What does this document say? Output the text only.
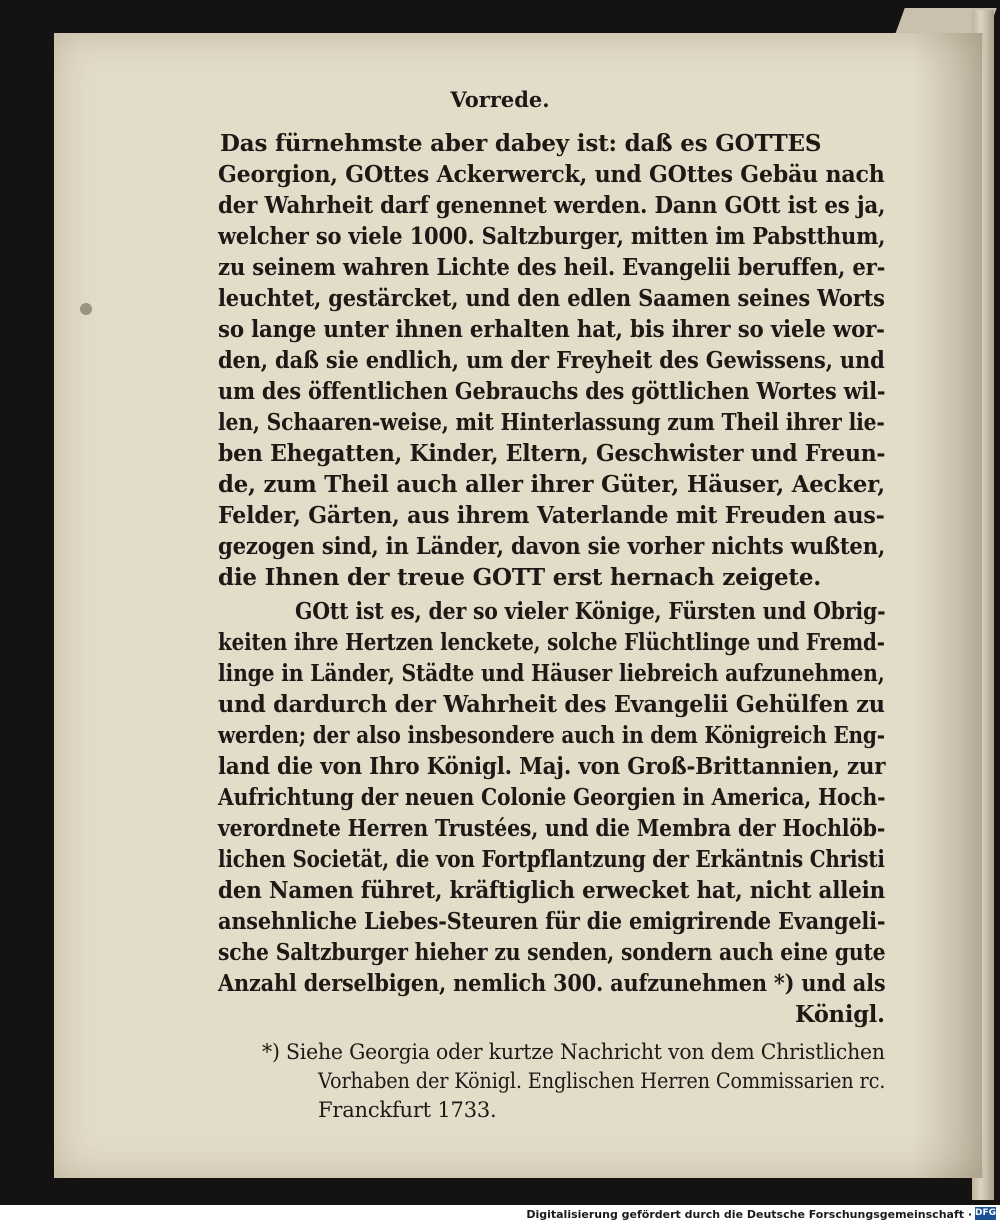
Vorrede.
Das fürnehmste aber dabey ist: daß es GOTTES
Georgion, GOttes Ackerwerck, und GOttes Gebäu nach
der Wahrheit darf genennet werden. Dann GOtt ist es ja,
welcher so viele 1000. Saltzburger, mitten im Pabstthum,
zu seinem wahren Lichte des heil. Evangelii beruffen, er-
leuchtet, gestärcket, und den edlen Saamen seines Worts
so lange unter ihnen erhalten hat, bis ihrer so viele wor-
den, daß sie endlich, um der Freyheit des Gewissens, und
um des öffentlichen Gebrauchs des göttlichen Wortes wil-
len, Schaaren-weise, mit Hinterlassung zum Theil ihrer lie-
ben Ehegatten, Kinder, Eltern, Geschwister und Freun-
de, zum Theil auch aller ihrer Güter, Häuser, Aecker,
Felder, Gärten, aus ihrem Vaterlande mit Freuden aus-
gezogen sind, in Länder, davon sie vorher nichts wußten,
die Ihnen der treue GOTT erst hernach zeigete.
GOtt ist es, der so vieler Könige, Fürsten und Obrig-
keiten ihre Hertzen lenckete, solche Flüchtlinge und Fremd-
linge in Länder, Städte und Häuser liebreich aufzunehmen,
und dardurch der Wahrheit des Evangelii Gehülfen zu
werden; der also insbesondere auch in dem Königreich Eng-
land die von Ihro Königl. Maj. von Groß-Brittannien, zur
Aufrichtung der neuen Colonie Georgien in America, Hoch-
verordnete Herren Trustées, und die Membra der Hochlöb-
lichen Societät, die von Fortpflantzung der Erkäntnis Christi
den Namen führet, kräftiglich erwecket hat, nicht allein
ansehnliche Liebes-Steuren für die emigrirende Evangeli-
sche Saltzburger hieher zu senden, sondern auch eine gute
Anzahl derselbigen, nemlich 300. aufzunehmen *) und als
Königl.
*) Siehe Georgia oder kurtze Nachricht von dem Christlichen
Vorhaben der Königl. Englischen Herren Commissarien rc.
Franckfurt 1733.
Digitalisierung gefördert durch die Deutsche Forschungsgemeinschaft · DFG
